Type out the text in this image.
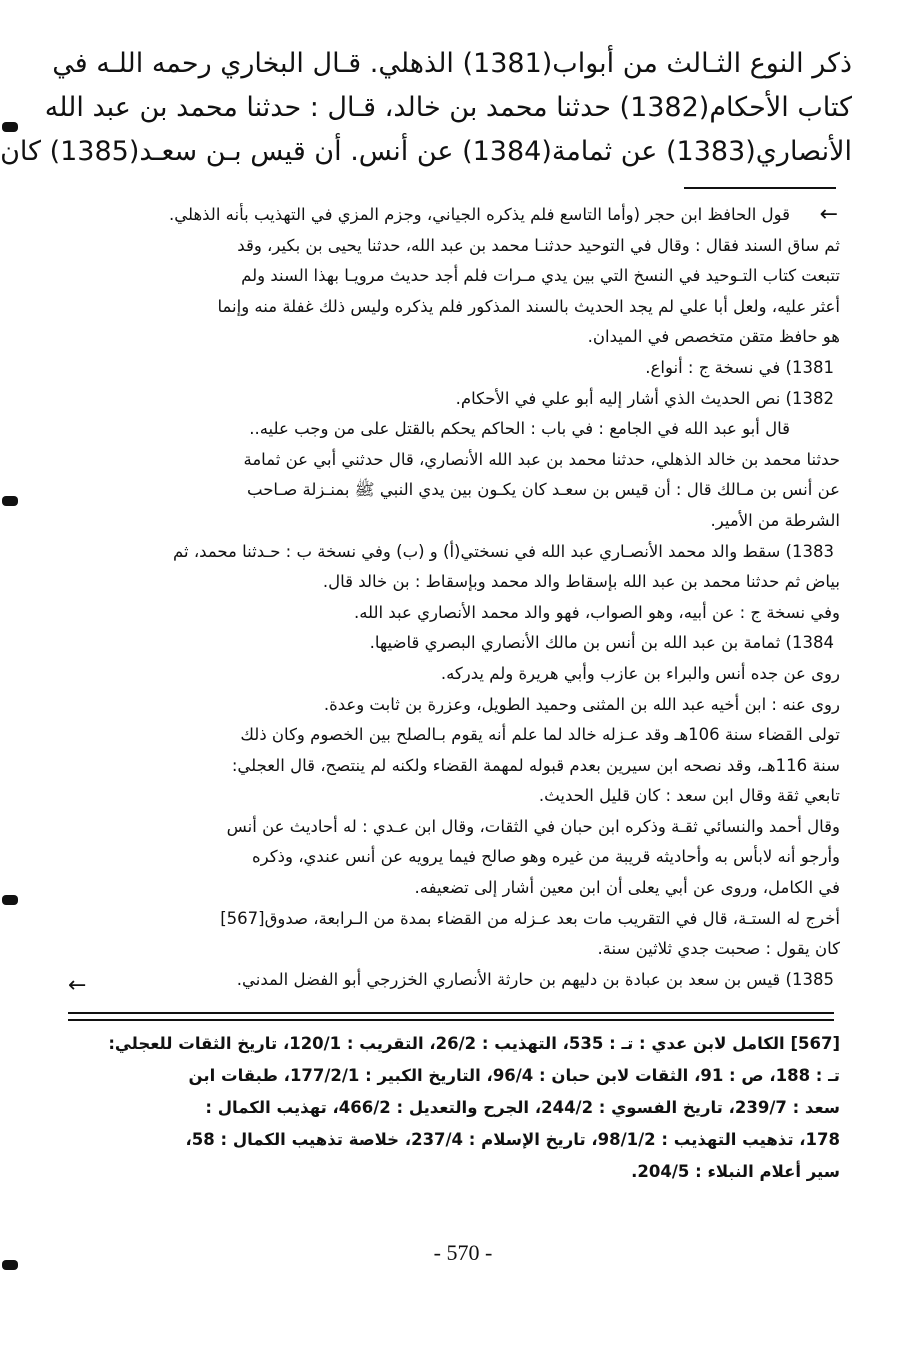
ذكر النوع الثـالث من أبواب(1381) الذهلي. قـال البخاري رحمه اللـه في
كتاب الأحكام(1382) حدثنا محمد بن خالد، قـال : حدثنا محمد بن عبد الله
الأنصاري(1383) عن ثمامة(1384) عن أنس. أن قيس بـن سعـد(1385) كان
←
قول الحافظ ابن حجر (وأما التاسع فلم يذكره الجياني، وجزم المزي في التهذيب بأنه الذهلي.
ثم ساق السند فقال : وقال في التوحيد حدثنـا محمد بن عبد الله، حدثنا يحيى بن بكير، وقد
تتبعت كتاب التـوحيد في النسخ التي بين يدي مـرات فلم أجد حديث مرويـا بهذا السند ولم
أعثر عليه، ولعل أبا علي لم يجد الحديث بالسند المذكور فلم يذكره وليس ذلك غفلة منه وإنما
هو حافظ متقن متخصص في الميدان.
1381) في نسخة ج : أنواع.
1382) نص الحديث الذي أشار إليه أبو علي في الأحكام.
قال أبو عبد الله في الجامع : في باب : الحاكم يحكم بالقتل على من وجب عليه..
حدثنا محمد بن خالد الذهلي، حدثنا محمد بن عبد الله الأنصاري، قال حدثني أبي عن ثمامة
عن أنس بن مـالك قال : أن قيس بن سعـد كان يكـون بين يدي النبي ﷺ بمنـزلة صـاحب
الشرطة من الأمير.
1383) سقط والد محمد الأنصـاري عبد الله في نسختي(أ) و (ب) وفي نسخة ب : حـدثنا محمد، ثم
بياض ثم حدثنا محمد بن عبد الله بإسقاط والد محمد وبإسقاط : بن خالد قال.
وفي نسخة ج : عن أبيه، وهو الصواب، فهو والد محمد الأنصاري عبد الله.
1384) ثمامة بن عبد الله بن أنس بن مالك الأنصاري البصري قاضيها.
روى عن جده أنس والبراء بن عازب وأبي هريرة ولم يدركه.
روى عنه : ابن أخيه عبد الله بن المثنى وحميد الطويل، وعزرة بن ثابت وعدة.
تولى القضاء سنة 106هـ وقد عـزله خالد لما علم أنه يقوم بـالصلح بين الخصوم وكان ذلك
سنة 116هـ، وقد نصحه ابن سيرين بعدم قبوله لمهمة القضاء ولكنه لم ينتصح، قال العجلي:
تابعي ثقة وقال ابن سعد : كان قليل الحديث.
وقال أحمد والنسائي ثقـة وذكره ابن حبان في الثقات، وقال ابن عـدي : له أحاديث عن أنس
وأرجو أنه لابأس به وأحاديثه قريبة من غيره وهو صالح فيما يرويه عن أنس عندي، وذكره
في الكامل، وروى عن أبي يعلى أن ابن معين أشار إلى تضعيفه.
أخرج له الستـة، قال في التقريب مات بعد عـزله من القضاء بمدة من الـرابعة، صدوق[567]
كان يقول : صحبت جدي ثلاثين سنة.
1385) قيس بن سعد بن عبادة بن دليهم بن حارثة الأنصاري الخزرجي أبو الفضل المدني.
←
[567] الكامل لابن عدي : تـ : 535، التهذيب : 26/2، التقريب : 120/1، تاريخ الثقات للعجلي:
تـ : 188، ص : 91، الثقات لابن حبان : 96/4، التاريخ الكبير : 177/2/1، طبقات ابن
سعد : 239/7، تاريخ الفسوي : 244/2، الجرح والتعديل : 466/2، تهذيب الكمال :
178، تذهيب التهذيب : 98/1/2، تاريخ الإسلام : 237/4، خلاصة تذهيب الكمال : 58،
سير أعلام النبلاء : 204/5.
- 570 -
